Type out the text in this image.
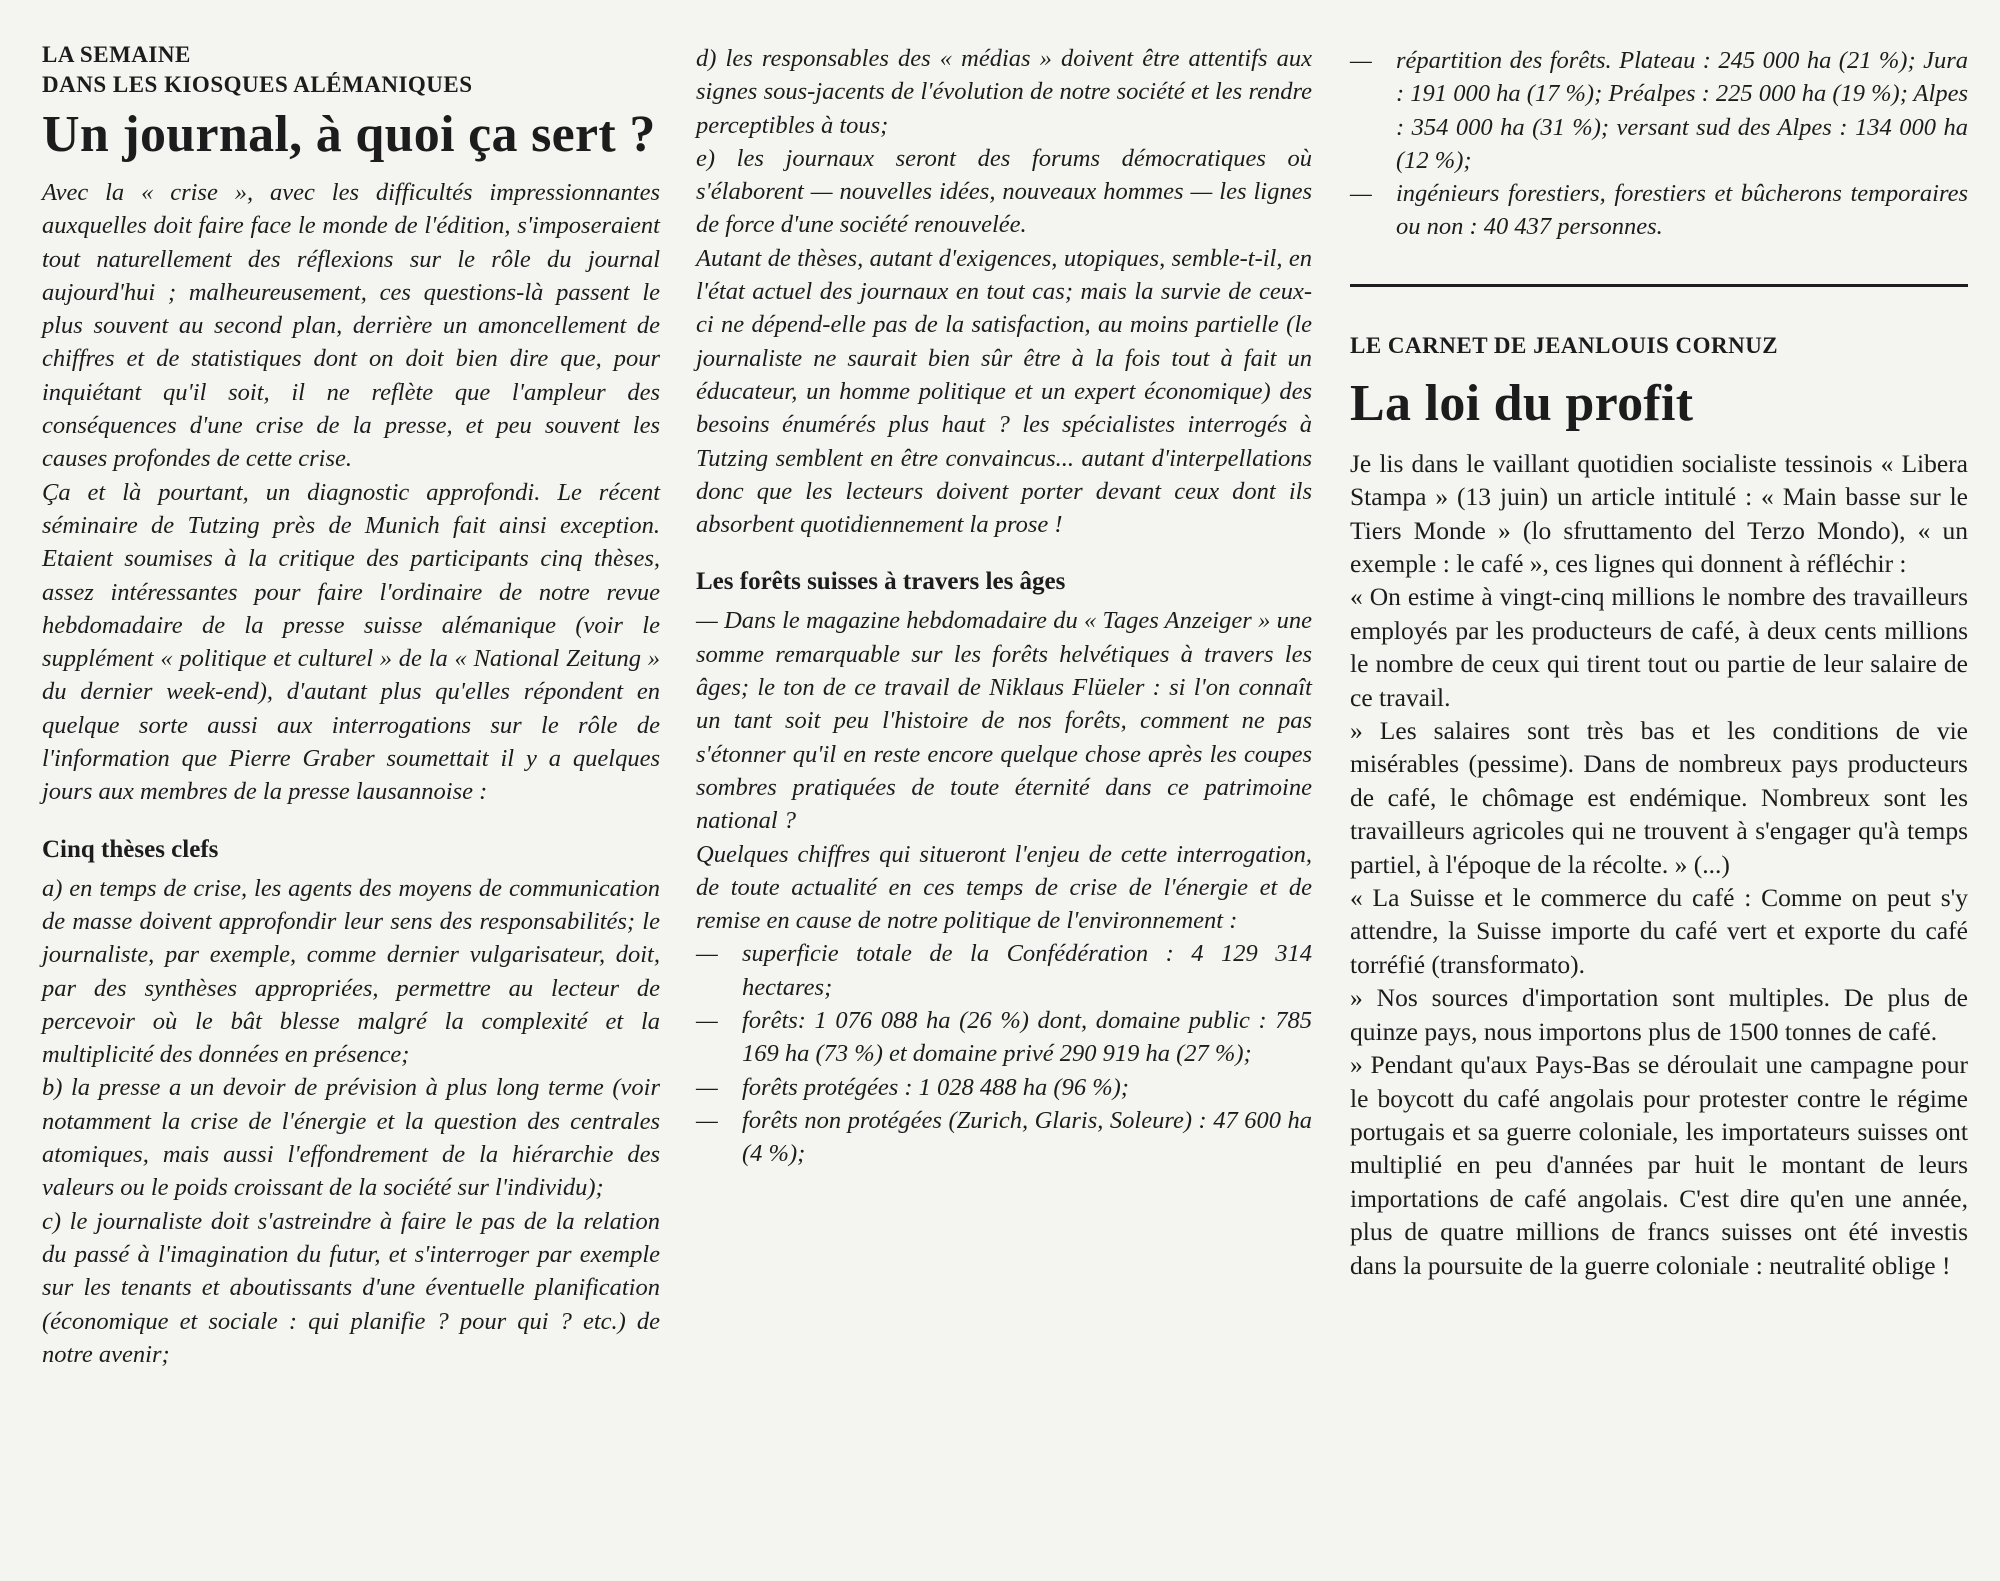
LA SEMAINE

DANS LES KIOSQUES ALÉMANIQUES

Un journal, à quoi ça sert ?

Avec la « crise », avec les difficultés impressionnantes auxquelles doit faire face le monde de l'édition, s'imposeraient tout naturellement des réflexions sur le rôle du journal aujourd'hui ; malheureusement, ces questions-là passent le plus souvent au second plan, derrière un amoncellement de chiffres et de statistiques dont on doit bien dire que, pour inquiétant qu'il soit, il ne reflète que l'ampleur des conséquences d'une crise de la presse, et peu souvent les causes profondes de cette crise.

Ça et là pourtant, un diagnostic approfondi. Le récent séminaire de Tutzing près de Munich fait ainsi exception. Etaient soumises à la critique des participants cinq thèses, assez intéressantes pour faire l'ordinaire de notre revue hebdomadaire de la presse suisse alémanique (voir le supplément « politique et culturel » de la « National Zeitung » du dernier week-end), d'autant plus qu'elles répondent en quelque sorte aussi aux interrogations sur le rôle de l'information que Pierre Graber soumettait il y a quelques jours aux membres de la presse lausannoise :

Cinq thèses clefs

a) en temps de crise, les agents des moyens de communication de masse doivent approfondir leur sens des responsabilités; le journaliste, par exemple, comme dernier vulgarisateur, doit, par des synthèses appropriées, permettre au lecteur de percevoir où le bât blesse malgré la complexité et la multiplicité des données en présence;

b) la presse a un devoir de prévision à plus long terme (voir notamment la crise de l'énergie et la question des centrales atomiques, mais aussi l'effondrement de la hiérarchie des valeurs ou le poids croissant de la société sur l'individu);

c) le journaliste doit s'astreindre à faire le pas de la relation du passé à l'imagination du futur, et s'interroger par exemple sur les tenants et aboutissants d'une éventuelle planification (économique et sociale : qui planifie ? pour qui ? etc.) de notre avenir;

d) les responsables des « médias » doivent être attentifs aux signes sous-jacents de l'évolution de notre société et les rendre perceptibles à tous;

e) les journaux seront des forums démocratiques où s'élaborent — nouvelles idées, nouveaux hommes — les lignes de force d'une société renouvelée.

Autant de thèses, autant d'exigences, utopiques, semble-t-il, en l'état actuel des journaux en tout cas; mais la survie de ceux-ci ne dépend-elle pas de la satisfaction, au moins partielle (le journaliste ne saurait bien sûr être à la fois tout à fait un éducateur, un homme politique et un expert économique) des besoins énumérés plus haut ? les spécialistes interrogés à Tutzing semblent en être convaincus... autant d'interpellations donc que les lecteurs doivent porter devant ceux dont ils absorbent quotidiennement la prose !

Les forêts suisses à travers les âges

— Dans le magazine hebdomadaire du « Tages Anzeiger » une somme remarquable sur les forêts helvétiques à travers les âges; le ton de ce travail de Niklaus Flüeler : si l'on connaît un tant soit peu l'histoire de nos forêts, comment ne pas s'étonner qu'il en reste encore quelque chose après les coupes sombres pratiquées de toute éternité dans ce patrimoine national ?

Quelques chiffres qui situeront l'enjeu de cette interrogation, de toute actualité en ces temps de crise de l'énergie et de remise en cause de notre politique de l'environnement :

— superficie totale de la Confédération : 4 129 314 hectares;
— forêts: 1 076 088 ha (26 %) dont, domaine public : 785 169 ha (73 %) et domaine privé 290 919 ha (27 %);
— forêts protégées : 1 028 488 ha (96 %);
— forêts non protégées (Zurich, Glaris, Soleure) : 47 600 ha (4 %);
— répartition des forêts. Plateau : 245 000 ha (21 %); Jura : 191 000 ha (17 %); Préalpes : 225 000 ha (19 %); Alpes : 354 000 ha (31 %); versant sud des Alpes : 134 000 ha (12 %);
— ingénieurs forestiers, forestiers et bûcherons temporaires ou non : 40 437 personnes.

LE CARNET DE JEANLOUIS CORNUZ

La loi du profit

Je lis dans le vaillant quotidien socialiste tessinois « Libera Stampa » (13 juin) un article intitulé : « Main basse sur le Tiers Monde » (lo sfruttamento del Terzo Mondo), « un exemple : le café », ces lignes qui donnent à réfléchir :

« On estime à vingt-cinq millions le nombre des travailleurs employés par les producteurs de café, à deux cents millions le nombre de ceux qui tirent tout ou partie de leur salaire de ce travail.

» Les salaires sont très bas et les conditions de vie misérables (pessime). Dans de nombreux pays producteurs de café, le chômage est endémique. Nombreux sont les travailleurs agricoles qui ne trouvent à s'engager qu'à temps partiel, à l'époque de la récolte. » (...)

« La Suisse et le commerce du café : Comme on peut s'y attendre, la Suisse importe du café vert et exporte du café torréfié (transformato).

» Nos sources d'importation sont multiples. De plus de quinze pays, nous importons plus de 1500 tonnes de café.

» Pendant qu'aux Pays-Bas se déroulait une campagne pour le boycott du café angolais pour protester contre le régime portugais et sa guerre coloniale, les importateurs suisses ont multiplié en peu d'années par huit le montant de leurs importations de café angolais. C'est dire qu'en une année, plus de quatre millions de francs suisses ont été investis dans la poursuite de la guerre coloniale : neutralité oblige !
